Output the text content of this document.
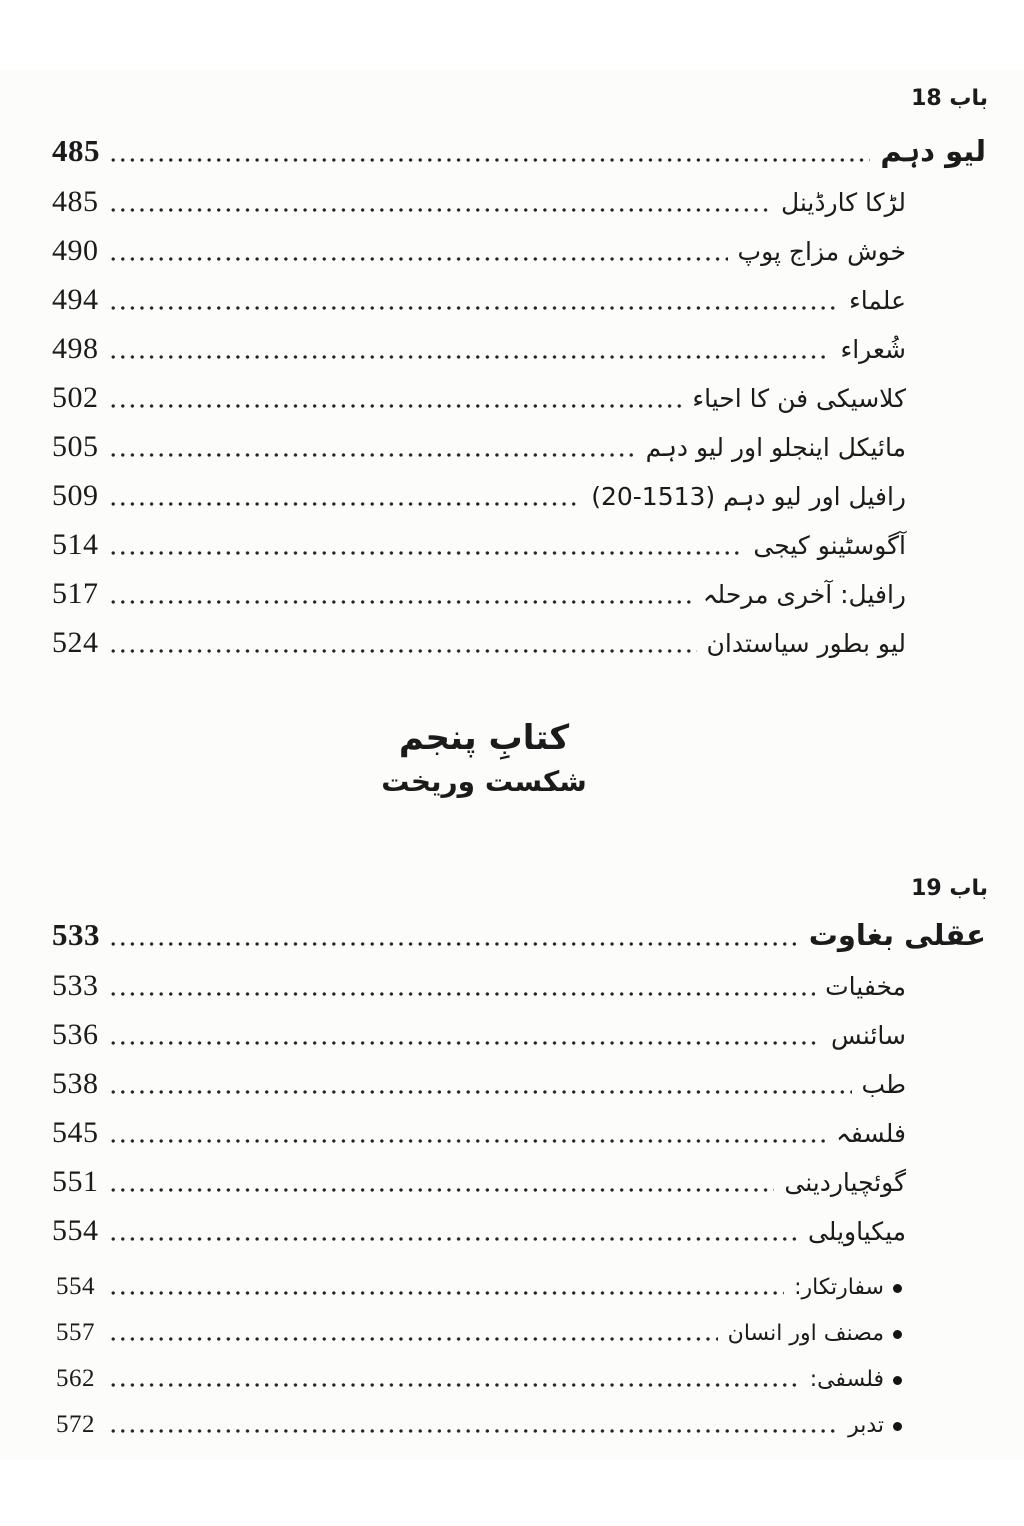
باب 18
485	لیو دہم
485	لڑکا کارڈینل
490	خوش مزاج پوپ
494	علماء
498	شُعراء
502	کلاسیکی فن کا احیاء
505	مائیکل اینجلو اور لیو دہم
509	رافیل اور لیو دہم (1513-20)
514	آگوسٹینو کیجی
517	رافیل: آخری مرحلہ
524	لیو بطور سیاستدان
کتابِ پنجم
شکست وریخت
باب 19
533	عقلی بغاوت
533	مخفیات
536	سائنس
538	طب
545	فلسفہ
551	گوئچیاردینی
554	میکیاویلی
554	سفارتکار:
557	مصنف اور انسان
562	فلسفی:
572	تدبر
